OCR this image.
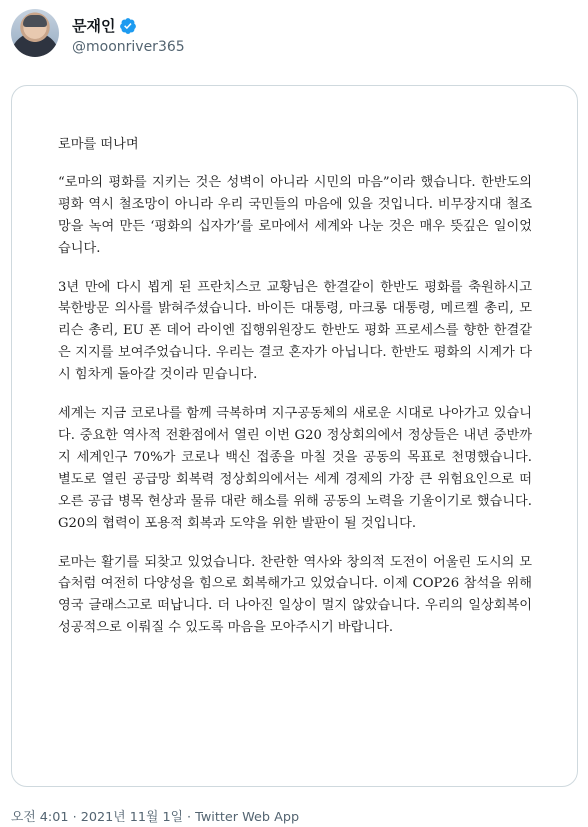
문재인
@moonriver365
로마를 떠나며

“로마의 평화를 지키는 것은 성벽이 아니라 시민의 마음”이라 했습니다. 한반도의 평화 역시 철조망이 아니라 우리 국민들의 마음에 있을 것입니다. 비무장지대 철조망을 녹여 만든 ‘평화의 십자가’를 로마에서 세계와 나눈 것은 매우 뜻깊은 일이었습니다.

3년 만에 다시 뵙게 된 프란치스코 교황님은 한결같이 한반도 평화를 축원하시고 북한방문 의사를 밝혀주셨습니다. 바이든 대통령, 마크롱 대통령, 메르켈 총리, 모리슨 총리, EU 폰 데어 라이엔 집행위원장도 한반도 평화 프로세스를 향한 한결같은 지지를 보여주었습니다. 우리는 결코 혼자가 아닙니다. 한반도 평화의 시계가 다시 힘차게 돌아갈 것이라 믿습니다.

세계는 지금 코로나를 함께 극복하며 지구공동체의 새로운 시대로 나아가고 있습니다. 중요한 역사적 전환점에서 열린 이번 G20 정상회의에서 정상들은 내년 중반까지 세계인구 70%가 코로나 백신 접종을 마칠 것을 공동의 목표로 천명했습니다. 별도로 열린 공급망 회복력 정상회의에서는 세계 경제의 가장 큰 위험요인으로 떠오른 공급 병목 현상과 물류 대란 해소를 위해 공동의 노력을 기울이기로 했습니다. G20의 협력이 포용적 회복과 도약을 위한 발판이 될 것입니다.

로마는 활기를 되찾고 있었습니다. 찬란한 역사와 창의적 도전이 어울린 도시의 모습처럼 여전히 다양성을 힘으로 회복해가고 있었습니다. 이제 COP26 참석을 위해 영국 글래스고로 떠납니다. 더 나아진 일상이 멀지 않았습니다. 우리의 일상회복이 성공적으로 이뤄질 수 있도록 마음을 모아주시기 바랍니다.

오전 4:01 · 2021년 11월 1일 · Twitter Web App
